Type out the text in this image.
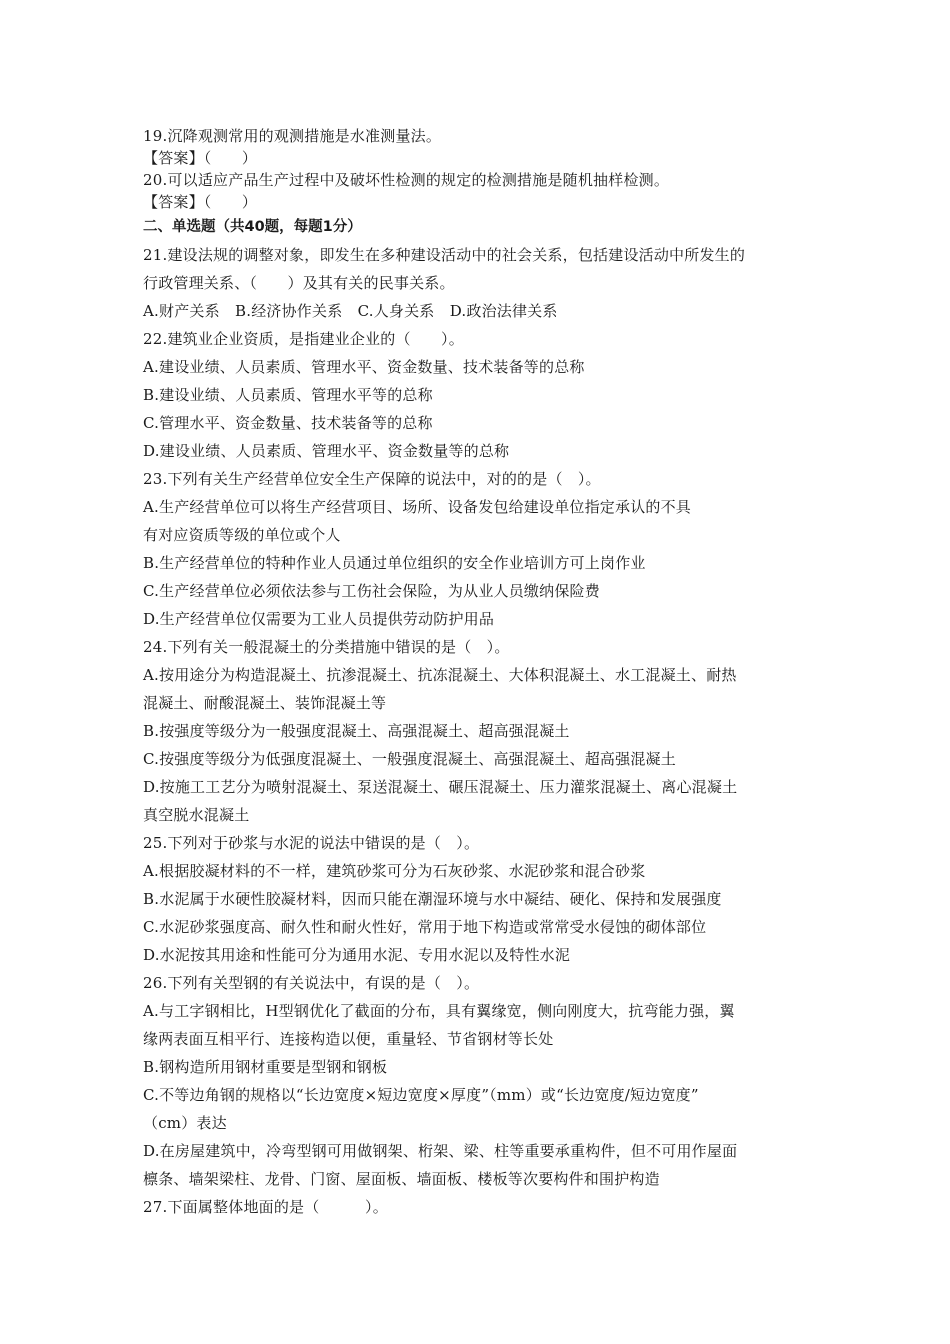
19.沉降观测常用的观测措施是水准测量法。
【答案】（　　）
20.可以适应产品生产过程中及破坏性检测的规定的检测措施是随机抽样检测。
【答案】（　　）
二、单选题（共40题，每题1分）
21.建设法规的调整对象，即发生在多种建设活动中的社会关系，包括建设活动中所发生的
行政管理关系、（　　）及其有关的民事关系。
A.财产关系　B.经济协作关系　C.人身关系　D.政治法律关系
22.建筑业企业资质，是指建业企业的（　　）。
A.建设业绩、人员素质、管理水平、资金数量、技术装备等的总称
B.建设业绩、人员素质、管理水平等的总称
C.管理水平、资金数量、技术装备等的总称
D.建设业绩、人员素质、管理水平、资金数量等的总称
23.下列有关生产经营单位安全生产保障的说法中，对的的是（　）。
A.生产经营单位可以将生产经营项目、场所、设备发包给建设单位指定承认的不具
有对应资质等级的单位或个人
B.生产经营单位的特种作业人员通过单位组织的安全作业培训方可上岗作业
C.生产经营单位必须依法参与工伤社会保险，为从业人员缴纳保险费
D.生产经营单位仅需要为工业人员提供劳动防护用品
24.下列有关一般混凝土的分类措施中错误的是（　）。
A.按用途分为构造混凝土、抗渗混凝土、抗冻混凝土、大体积混凝土、水工混凝土、耐热
混凝土、耐酸混凝土、装饰混凝土等
B.按强度等级分为一般强度混凝土、高强混凝土、超高强混凝土
C.按强度等级分为低强度混凝土、一般强度混凝土、高强混凝土、超高强混凝土
D.按施工工艺分为喷射混凝土、泵送混凝土、碾压混凝土、压力灌浆混凝土、离心混凝土
真空脱水混凝土
25.下列对于砂浆与水泥的说法中错误的是（　）。
A.根据胶凝材料的不一样，建筑砂浆可分为石灰砂浆、水泥砂浆和混合砂浆
B.水泥属于水硬性胶凝材料，因而只能在潮湿环境与水中凝结、硬化、保持和发展强度
C.水泥砂浆强度高、耐久性和耐火性好，常用于地下构造或常常受水侵蚀的砌体部位
D.水泥按其用途和性能可分为通用水泥、专用水泥以及特性水泥
26.下列有关型钢的有关说法中，有误的是（　）。
A.与工字钢相比，H型钢优化了截面的分布，具有翼缘宽，侧向刚度大，抗弯能力强，翼
缘两表面互相平行、连接构造以便，重量轻、节省钢材等长处
B.钢构造所用钢材重要是型钢和钢板
C.不等边角钢的规格以“长边宽度×短边宽度×厚度”（mm）或“长边宽度/短边宽度”
（cm）表达
D.在房屋建筑中，冷弯型钢可用做钢架、桁架、梁、柱等重要承重构件，但不可用作屋面
檩条、墙架梁柱、龙骨、门窗、屋面板、墙面板、楼板等次要构件和围护构造
27.下面属整体地面的是（　　　）。
